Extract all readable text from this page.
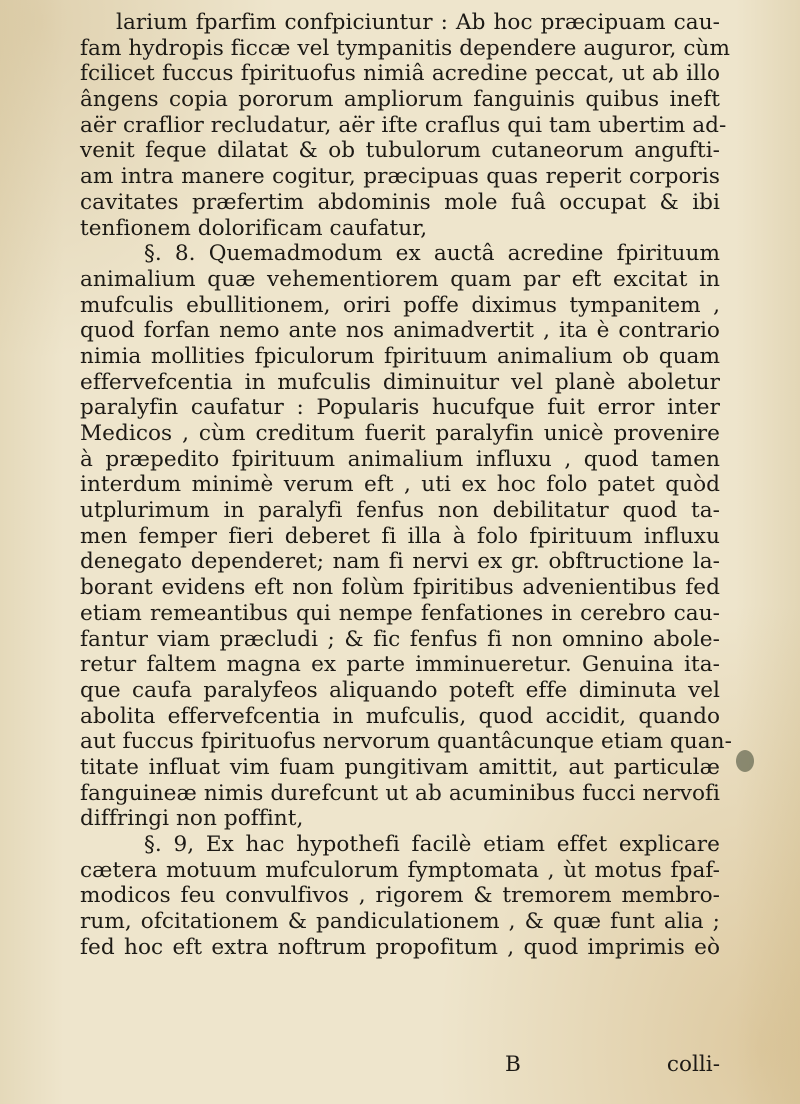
larium fparfim confpiciuntur : Ab hoc præcipuam cau-
fam hydropis ficcæ vel tympanitis dependere auguror, cùm
fcilicet fuccus fpirituofus nimiâ acredine peccat, ut ab illo
ângens copia pororum ampliorum fanguinis quibus ineft
aër craflior recludatur, aër ifte craflus qui tam ubertim ad-
venit feque dilatat & ob tubulorum cutaneorum angufti-
am intra manere cogitur, præcipuas quas reperit corporis
cavitates præfertim abdominis mole fuâ occupat & ibi
tenfionem dolorificam caufatur,
§. 8. Quemadmodum ex auctâ acredine fpirituum
animalium quæ vehementiorem quam par eft excitat in
mufculis ebullitionem, oriri poffe diximus tympanitem ,
quod forfan nemo ante nos animadvertit , ita è contrario
nimia mollities fpiculorum fpirituum animalium ob quam
effervefcentia in mufculis diminuitur vel planè aboletur
paralyfin caufatur : Popularis hucufque fuit error inter
Medicos , cùm creditum fuerit paralyfin unicè provenire
à præpedito fpirituum animalium influxu , quod tamen
interdum minimè verum eft , uti ex hoc folo patet quòd
utplurimum in paralyfi fenfus non debilitatur quod ta-
men femper fieri deberet fi illa à folo fpirituum influxu
denegato dependeret; nam fi nervi ex gr. obftructione la-
borant evidens eft non folùm fpiritibus advenientibus fed
etiam remeantibus qui nempe fenfationes in cerebro cau-
fantur viam præcludi ; & fic fenfus fi non omnino abole-
retur faltem magna ex parte imminueretur. Genuina ita-
que caufa paralyfeos aliquando poteft effe diminuta vel
abolita effervefcentia in mufculis, quod accidit, quando
aut fuccus fpirituofus nervorum quantâcunque etiam quan-
titate influat vim fuam pungitivam amittit, aut particulæ
fanguineæ nimis durefcunt ut ab acuminibus fucci nervofi
diffringi non poffint,
§. 9, Ex hac hypothefi facilè etiam effet explicare
cætera motuum mufculorum fymptomata , ùt motus fpaf-
modicos feu convulfivos , rigorem & tremorem membro-
rum, ofcitationem & pandiculationem , & quæ funt alia ;
fed hoc eft extra noftrum propofitum , quod imprimis eò
B	colli-
